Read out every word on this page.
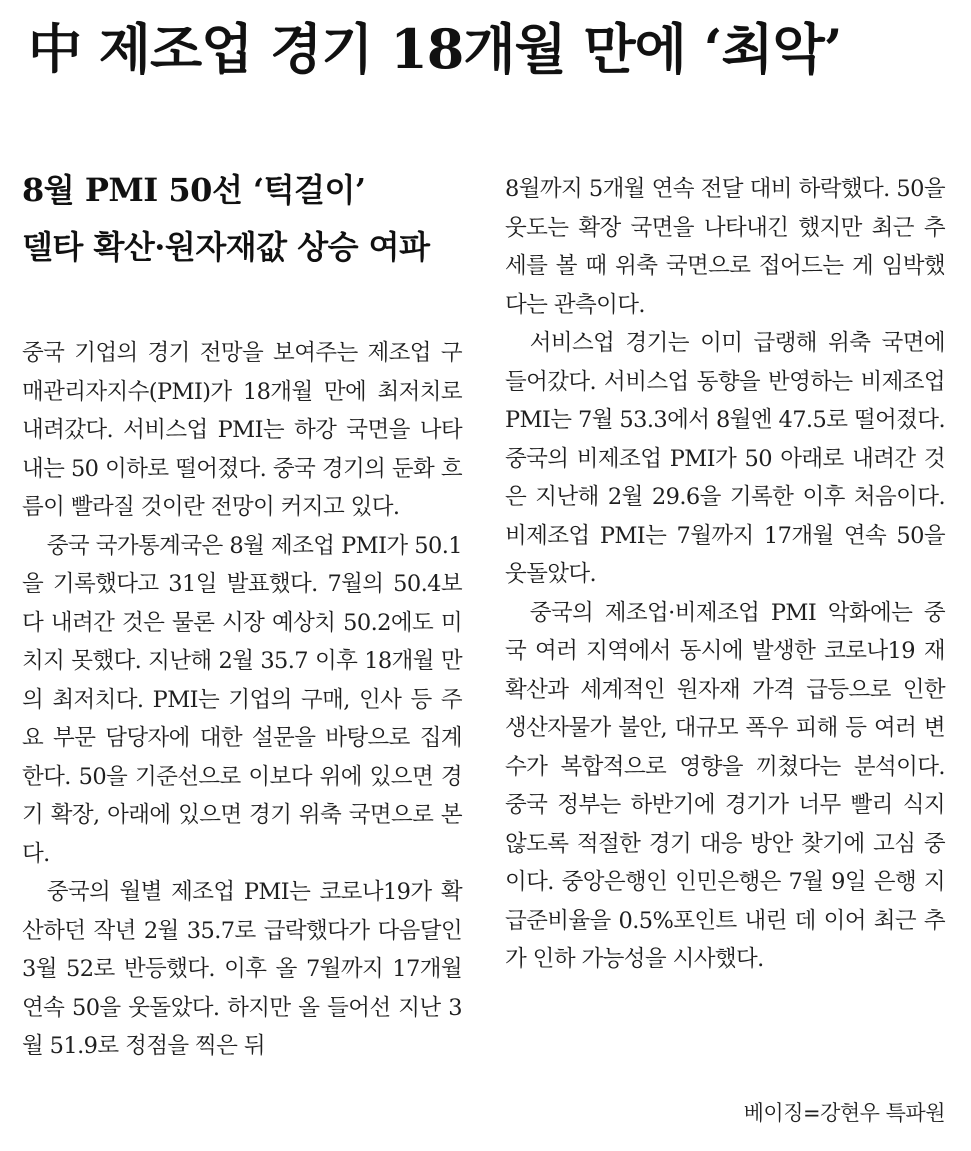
中 제조업 경기 18개월 만에 ‘최악’
8월 PMI 50선 ‘턱걸이’
델타 확산·원자재값 상승 여파

중국 기업의 경기 전망을 보여주는 제조업 구매관리자지수(PMI)가 18개월 만에 최저치로 내려갔다. 서비스업 PMI는 하강 국면을 나타내는 50 이하로 떨어졌다. 중국 경기의 둔화 흐름이 빨라질 것이란 전망이 커지고 있다.

중국 국가통계국은 8월 제조업 PMI가 50.1을 기록했다고 31일 발표했다. 7월의 50.4보다 내려간 것은 물론 시장 예상치 50.2에도 미치지 못했다. 지난해 2월 35.7 이후 18개월 만의 최저치다. PMI는 기업의 구매, 인사 등 주요 부문 담당자에 대한 설문을 바탕으로 집계한다. 50을 기준선으로 이보다 위에 있으면 경기 확장, 아래에 있으면 경기 위축 국면으로 본다.

중국의 월별 제조업 PMI는 코로나19가 확산하던 작년 2월 35.7로 급락했다가 다음달인 3월 52로 반등했다. 이후 올 7월까지 17개월 연속 50을 웃돌았다. 하지만 올 들어선 지난 3월 51.9로 정점을 찍은 뒤

8월까지 5개월 연속 전달 대비 하락했다. 50을 웃도는 확장 국면을 나타내긴 했지만 최근 추세를 볼 때 위축 국면으로 접어드는 게 임박했다는 관측이다.

서비스업 경기는 이미 급랭해 위축 국면에 들어갔다. 서비스업 동향을 반영하는 비제조업 PMI는 7월 53.3에서 8월엔 47.5로 떨어졌다. 중국의 비제조업 PMI가 50 아래로 내려간 것은 지난해 2월 29.6을 기록한 이후 처음이다. 비제조업 PMI는 7월까지 17개월 연속 50을 웃돌았다.

중국의 제조업·비제조업 PMI 악화에는 중국 여러 지역에서 동시에 발생한 코로나19 재확산과 세계적인 원자재 가격 급등으로 인한 생산자물가 불안, 대규모 폭우 피해 등 여러 변수가 복합적으로 영향을 끼쳤다는 분석이다. 중국 정부는 하반기에 경기가 너무 빨리 식지 않도록 적절한 경기 대응 방안 찾기에 고심 중이다. 중앙은행인 인민은행은 7월 9일 은행 지급준비율을 0.5%포인트 내린 데 이어 최근 추가 인하 가능성을 시사했다.

베이징=강현우 특파원
